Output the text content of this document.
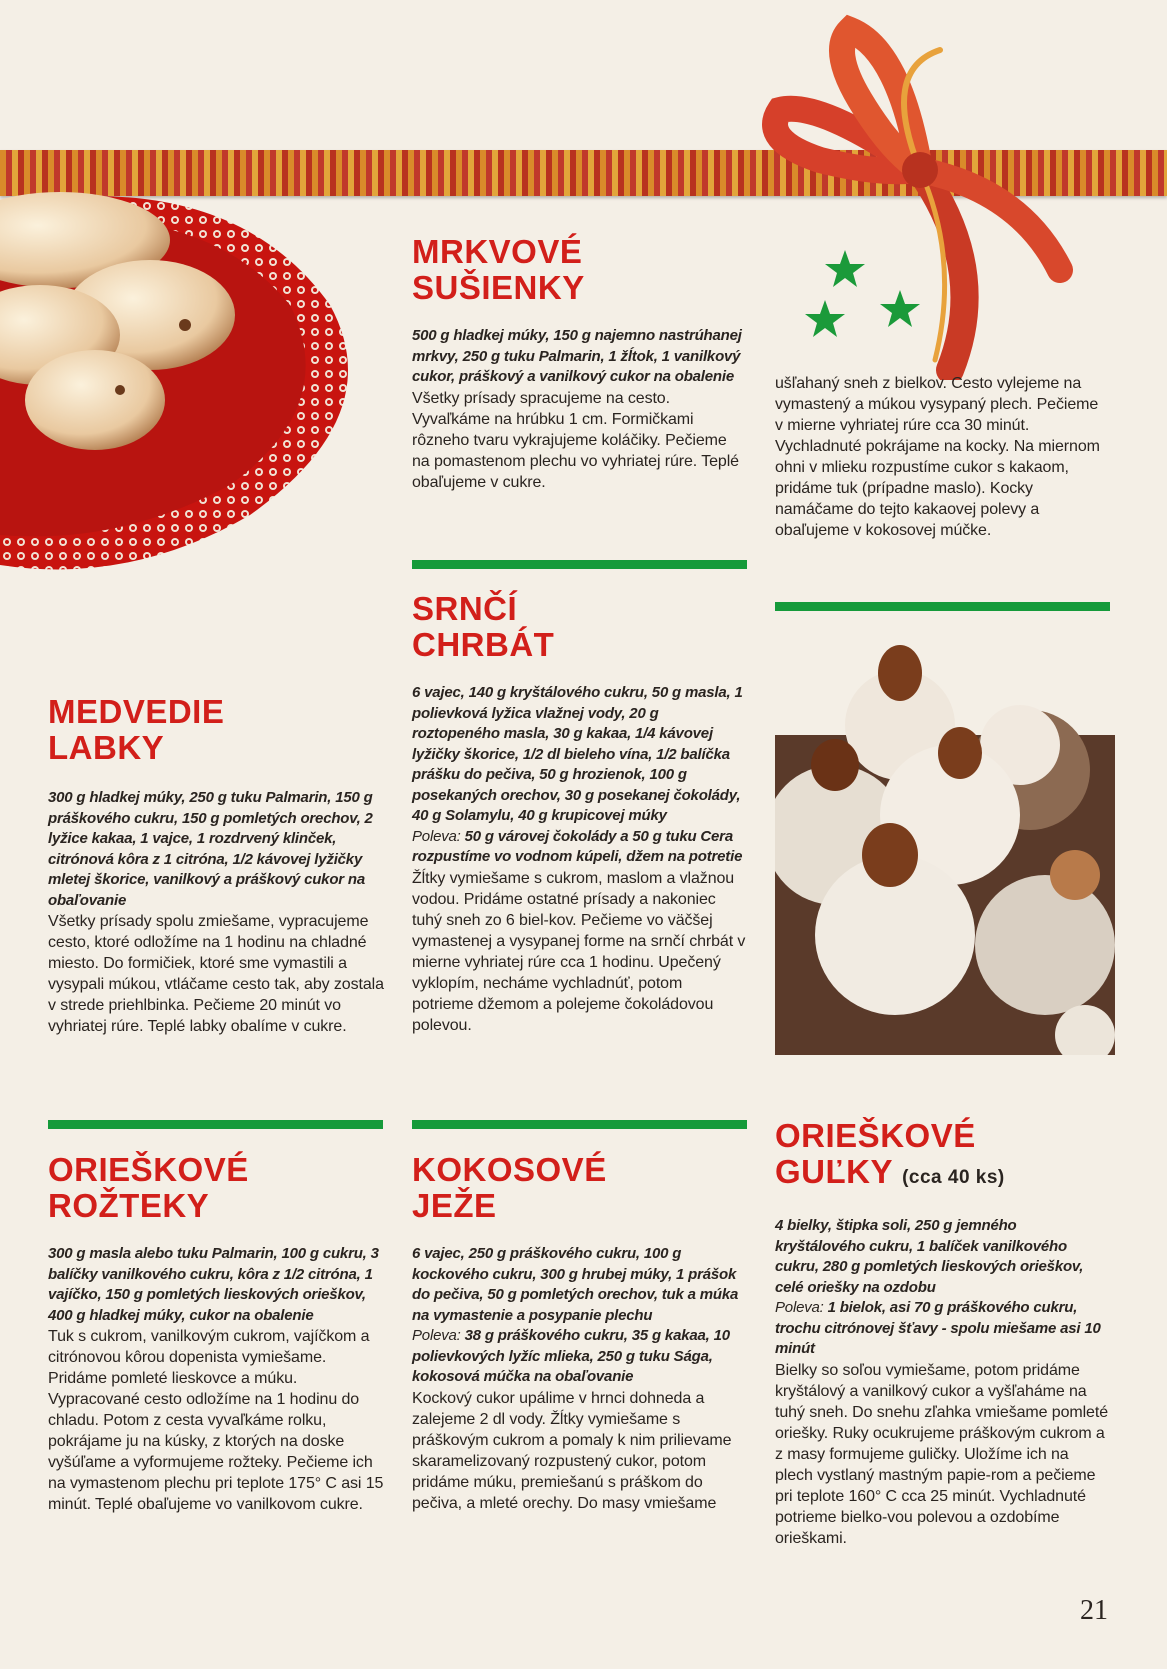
MRKVOVÉ
SUŠIENKY

500 g hladkej múky, 150 g najemno nastrúhanej mrkvy, 250 g tuku Palmarin, 1 žĺtok, 1 vanilkový cukor, práškový a vanilkový cukor na obalenie

Všetky prísady spracujeme na cesto. Vyvaľkáme na hrúbku 1 cm. Formičkami rôzneho tvaru vykrajujeme koláčiky. Pečieme na pomastenom plechu vo vyhriatej rúre. Teplé obaľujeme v cukre.

SRNČÍ
CHRBÁT

6 vajec, 140 g kryštálového cukru, 50 g masla, 1 polievková lyžica vlažnej vody, 20 g roztopeného masla, 30 g kakaa, 1/4 kávovej lyžičky škorice, 1/2 dl bieleho vína, 1/2 balíčka prášku do pečiva, 50 g hrozienok, 100 g posekaných orechov, 30 g posekanej čokolády, 40 g Solamylu, 40 g krupicovej múky

Poleva: 50 g várovej čokolády a 50 g tuku Cera rozpustíme vo vodnom kúpeli, džem na potretie

Žĺtky vymiešame s cukrom, maslom a vlažnou vodou. Pridáme ostatné prísady a nakoniec tuhý sneh zo 6 biel-kov. Pečieme vo väčšej vymastenej a vysypanej forme na srnčí chrbát v mierne vyhriatej rúre cca 1 hodinu. Upečený vyklopím, necháme vychladnúť, potom potrieme džemom a polejeme čokoládovou polevou.

ušľahaný sneh z bielkov. Cesto vylejeme na vymastený a múkou vysypaný plech. Pečieme v mierne vyhriatej rúre cca 30 minút. Vychladnuté pokrájame na kocky. Na miernom ohni v mlieku rozpustíme cukor s kakaom, pridáme tuk (prípadne maslo). Kocky namáčame do tejto kakaovej polevy a obaľujeme v kokosovej múčke.

MEDVEDIE
LABKY

300 g hladkej múky, 250 g tuku Palmarin, 150 g práškového cukru, 150 g pomletých orechov, 2 lyžice kakaa, 1 vajce, 1 rozdrvený klinček, citrónová kôra z 1 citróna, 1/2 kávovej lyžičky mletej škorice, vanilkový a práškový cukor na obaľovanie

Všetky prísady spolu zmiešame, vypracujeme cesto, ktoré odložíme na 1 hodinu na chladné miesto. Do formičiek, ktoré sme vymastili a vysypali múkou, vtláčame cesto tak, aby zostala v strede priehlbinka. Pečieme 20 minút vo vyhriatej rúre. Teplé labky obalíme v cukre.

ORIEŠKOVÉ
ROŽTEKY

300 g masla alebo tuku Palmarin, 100 g cukru, 3 balíčky vanilkového cukru, kôra z 1/2 citróna, 1 vajíčko, 150 g pomletých lieskových orieškov, 400 g hladkej múky, cukor na obalenie

Tuk s cukrom, vanilkovým cukrom, vajíčkom a citrónovou kôrou dopenista vymiešame. Pridáme pomleté lieskovce a múku. Vypracované cesto odložíme na 1 hodinu do chladu. Potom z cesta vyvaľkáme rolku, pokrájame ju na kúsky, z ktorých na doske vyšúľame a vyformujeme rožteky. Pečieme ich na vymastenom plechu pri teplote 175° C asi 15 minút. Teplé obaľujeme vo vanilkovom cukre.

KOKOSOVÉ
JEŽE

6 vajec, 250 g práškového cukru, 100 g kockového cukru, 300 g hrubej múky, 1 prášok do pečiva, 50 g pomletých orechov, tuk a múka na vymastenie a posypanie plechu

Poleva: 38 g práškového cukru, 35 g kakaa, 10 polievkových lyžíc mlieka, 250 g tuku Sága, kokosová múčka na obaľovanie

Kockový cukor upálime v hrnci dohneda a zalejeme 2 dl vody. Žĺtky vymiešame s práškovým cukrom a pomaly k nim prilievame skaramelizovaný rozpustený cukor, potom pridáme múku, premiešanú s práškom do pečiva, a mleté orechy. Do masy vmiešame

ORIEŠKOVÉ
GUĽKY (cca 40 ks)

4 bielky, štipka soli, 250 g jemného kryštálového cukru, 1 balíček vanilkového cukru, 280 g pomletých lieskových orieškov, celé oriešky na ozdobu

Poleva: 1 bielok, asi 70 g práškového cukru, trochu citrónovej šťavy - spolu miešame asi 10 minút

Bielky so soľou vymiešame, potom pridáme kryštálový a vanilkový cukor a vyšľaháme na tuhý sneh. Do snehu zľahka vmiešame pomleté oriešky. Ruky ocukrujeme práškovým cukrom a z masy formujeme guličky. Uložíme ich na plech vystlaný mastným papie-rom a pečieme pri teplote 160° C cca 25 minút. Vychladnuté potrieme bielko-vou polevou a ozdobíme orieškami.

21
